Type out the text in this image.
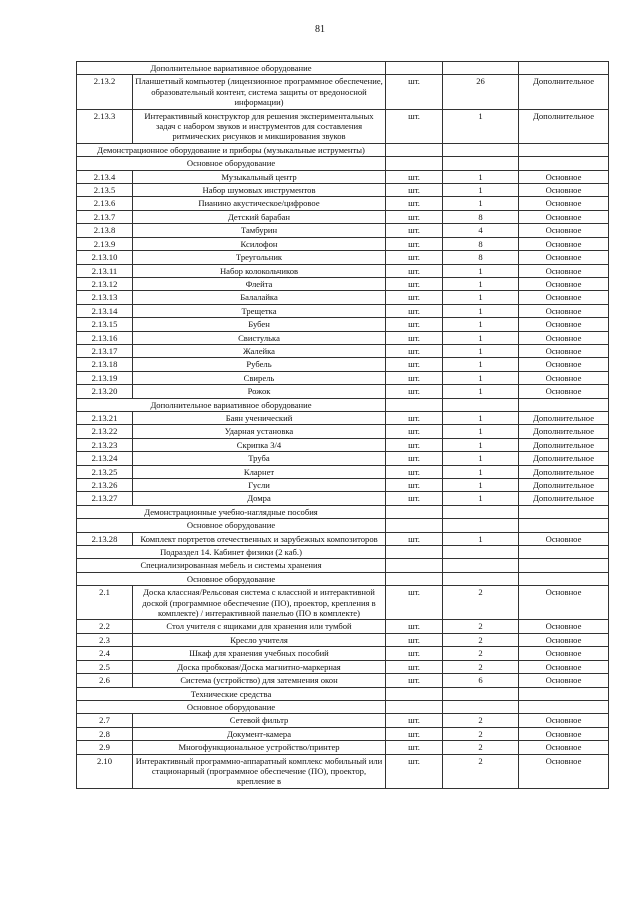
81
Дополнительное вариативное оборудование				
2.13.2	Планшетный компьютер (лицензионное программное обеспечение, образовательный контент, система защиты от вредоносной информации)	шт.	26	Дополнительное
2.13.3	Интерактивный конструктор для решения экспериментальных задач с набором звуков и инструментов для составления ритмических рисунков и микширования звуков	шт.	1	Дополнительное
Демонстрационное оборудование и приборы (музыкальные иструменты)				
Основное оборудование				
2.13.4	Музыкальный центр	шт.	1	Основное
2.13.5	Набор шумовых инструментов	шт.	1	Основное
2.13.6	Пианино акустическое/цифровое	шт.	1	Основное
2.13.7	Детский барабан	шт.	8	Основное
2.13.8	Тамбурин	шт.	4	Основное
2.13.9	Ксилофон	шт.	8	Основное
2.13.10	Треугольник	шт.	8	Основное
2.13.11	Набор колокольчиков	шт.	1	Основное
2.13.12	Флейта	шт.	1	Основное
2.13.13	Балалайка	шт.	1	Основное
2.13.14	Трещетка	шт.	1	Основное
2.13.15	Бубен	шт.	1	Основное
2.13.16	Свистулька	шт.	1	Основное
2.13.17	Жалейка	шт.	1	Основное
2.13.18	Рубель	шт.	1	Основное
2.13.19	Свирель	шт.	1	Основное
2.13.20	Рожок	шт.	1	Основное
Дополнительное вариативное оборудование				
2.13.21	Баян ученический	шт.	1	Дополнительное
2.13.22	Ударная установка	шт.	1	Дополнительное
2.13.23	Скрипка 3/4	шт.	1	Дополнительное
2.13.24	Труба	шт.	1	Дополнительное
2.13.25	Кларнет	шт.	1	Дополнительное
2.13.26	Гусли	шт.	1	Дополнительное
2.13.27	Домра	шт.	1	Дополнительное
Демонстрационные учебно-наглядные пособия				
Основное оборудование				
2.13.28	Комплект портретов отечественных и зарубежных композиторов	шт.	1	Основное
Подраздел 14. Кабинет физики (2 каб.)				
Специализированная мебель и системы хранения				
Основное оборудование				
2.1	Доска классная/Рельсовая система с классной и интерактивной доской (программное обеспечение (ПО), проектор, крепления в комплекте) / интерактивной панелью (ПО в комплекте)	шт.	2	Основное
2.2	Стол учителя с ящиками для хранения или тумбой	шт.	2	Основное
2.3	Кресло учителя	шт.	2	Основное
2.4	Шкаф для хранения учебных пособий	шт.	2	Основное
2.5	Доска пробковая/Доска магнитно-маркерная	шт.	2	Основное
2.6	Система (устройство) для затемнения окон	шт.	6	Основное
Технические средства				
Основное оборудование				
2.7	Сетевой фильтр	шт.	2	Основное
2.8	Документ-камера	шт.	2	Основное
2.9	Многофункциональное устройство/принтер	шт.	2	Основное
2.10	Интерактивный программно-аппаратный комплекс мобильный или стационарный (программное обеспечение (ПО), проектор, крепление в	шт.	2	Основное
